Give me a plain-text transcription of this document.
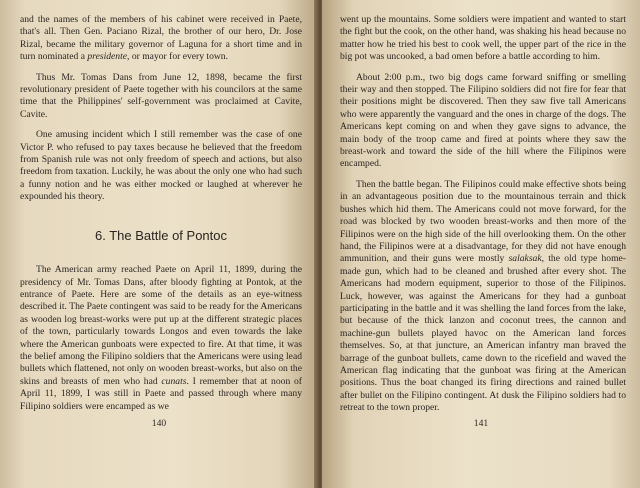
and the names of the members of his cabinet were received in Paete, that's all. Then Gen. Paciano Rizal, the brother of our hero, Dr. Jose Rizal, became the military governor of Laguna for a short time and in turn nominated a presidente, or mayor for every town.

Thus Mr. Tomas Dans from June 12, 1898, became the first revolutionary president of Paete together with his councilors at the same time that the Philippines' self-government was proclaimed at Cavite, Cavite.

One amusing incident which I still remember was the case of one Victor P. who refused to pay taxes because he believed that the freedom from Spanish rule was not only freedom of speech and actions, but also freedom from taxation. Luckily, he was about the only one who had such a funny notion and he was either mocked or laughed at wherever he expounded his theory.

6. The Battle of Pontoc

The American army reached Paete on April 11, 1899, during the presidency of Mr. Tomas Dans, after bloody fighting at Pontok, at the entrance of Paete. Here are some of the details as an eye-witness described it. The Paete contingent was said to be ready for the Americans as wooden log breast-works were put up at the different strategic places of the town, particularly towards Longos and even towards the lake where the American gunboats were expected to fire. At that time, it was the belief among the Filipino soldiers that the Americans were using lead bullets which flattened, not only on wooden breast-works, but also on the skins and breasts of men who had cunats. I remember that at noon of April 11, 1899, I was still in Paete and passed through where many Filipino soldiers were encamped as we

140

went up the mountains. Some soldiers were impatient and wanted to start the fight but the cook, on the other hand, was shaking his head because no matter how he tried his best to cook well, the upper part of the rice in the big pot was uncooked, a bad omen before a battle according to him.

About 2:00 p.m., two big dogs came forward sniffing or smelling their way and then stopped. The Filipino soldiers did not fire for fear that their positions might be discovered. Then they saw five tall Americans who were apparently the vanguard and the ones in charge of the dogs. The Americans kept coming on and when they gave signs to advance, the main body of the troop came and fired at points where they saw the breast-work and toward the side of the hill where the Filipinos were encamped.

Then the battle began. The Filipinos could make effective shots being in an advantageous position due to the mountainous terrain and thick bushes which hid them. The Americans could not move forward, for the road was blocked by two wooden breast-works and then more of the Filipinos were on the high side of the hill overlooking them. On the other hand, the Filipinos were at a disadvantage, for they did not have enough ammunition, and their guns were mostly salaksak, the old type home-made gun, which had to be cleaned and brushed after every shot. The Americans had modern equipment, superior to those of the Filipinos. Luck, however, was against the Americans for they had a gunboat participating in the battle and it was shelling the land forces from the lake, but because of the thick lanzon and coconut trees, the cannon and machine-gun bullets played havoc on the American land forces themselves. So, at that juncture, an American infantry man braved the barrage of the gunboat bullets, came down to the ricefield and waved the American flag indicating that the gunboat was firing at the American positions. Thus the boat changed its firing directions and rained bullet after bullet on the Filipino contingent. At dusk the Filipino soldiers had to retreat to the town proper.

141
